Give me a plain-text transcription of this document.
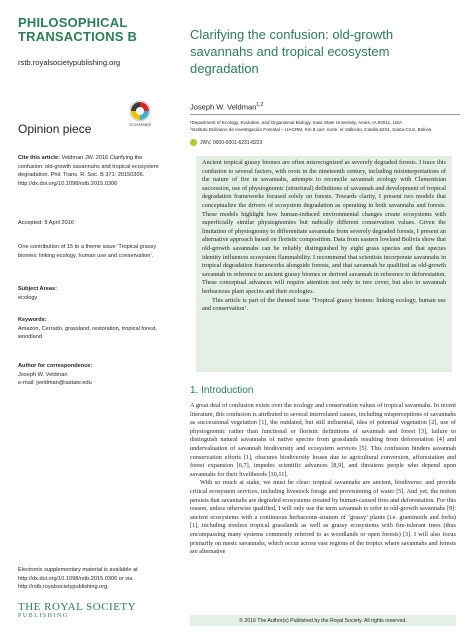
PHILOSOPHICAL
TRANSACTIONS B
rstb.royalsocietypublishing.org
CrossMark
Opinion piece
Cite this article: Veldman JW. 2016 Clarifying the confusion: old-growth savannahs and tropical ecosystem degradation. Phil. Trans. R. Soc. B 371: 20150306. http://dx.doi.org/10.1098/rstb.2015.0306
Accepted: 9 April 2016
One contribution of 15 to a theme issue ‘Tropical grassy biomes: linking ecology, human use and conservation’.
Subject Areas:
ecology
Keywords:
Amazon, Cerrado, grassland, restoration, tropical forest, woodland
Author for correspondence:
Joseph W. Veldman
e-mail: jveldman@iastate.edu
Electronic supplementary material is available at http://dx.doi.org/10.1098/rstb.2015.0306 or via http://rstb.royalsocietypublishing.org.
THE ROYAL SOCIETY
PUBLISHING
Clarifying the confusion: old-growth savannahs and tropical ecosystem degradation
Joseph W. Veldman$^{1,2}$
¹Department of Ecology, Evolution, and Organismal Biology, Iowa State University, Ames, IA 50011, USA
²Instituto Boliviano de Investigación Forestal – UAGRM, Km 9 carr. norte, el Vallecito, Casilla 6204, Santa Cruz, Bolivia
JWV, 0000-0001-6231-8223

Ancient tropical grassy biomes are often misrecognized as severely degraded forests. I trace this confusion to several factors, with roots in the nineteenth century, including misinterpretations of the nature of fire in savannahs, attempts to reconcile savannah ecology with Clementsian succession, use of physiognomic (structural) definitions of savannah and development of tropical degradation frameworks focused solely on forests. Towards clarity, I present two models that conceptualize the drivers of ecosystem degradation as operating in both savannahs and forests. These models highlight how human-induced environmental changes create ecosystems with superficially similar physiognomies but radically different conservation values. Given the limitation of physiognomy to differentiate savannahs from severely degraded forests, I present an alternative approach based on floristic composition. Data from eastern lowland Bolivia show that old-growth savannahs can be reliably distinguished by eight grass species and that species identity influences ecosystem flammability. I recommend that scientists incorporate savannahs in tropical degradation frameworks alongside forests, and that savannah be qualified as old-growth savannah in reference to ancient grassy biomes or derived savannah in reference to deforestation. These conceptual advances will require attention not only to tree cover, but also to savannah herbaceous plant species and their ecologies.

This article is part of the themed issue ‘Tropical grassy biomes: linking ecology, human use and conservation’.

1. Introduction

A great deal of confusion exists over the ecology and conservation values of tropical savannahs. In recent literature, this confusion is attributed to several interrelated causes, including misperceptions of savannahs as successional vegetation [1], the outdated, but still influential, idea of potential vegetation [2], use of physiognomic rather than functional or floristic definitions of savannah and forest [3], failure to distinguish natural savannahs of native species from grasslands resulting from deforestation [4] and undervaluation of savannah biodiversity and ecosystem services [5]. This confusion hinders savannah conservation efforts [1], obscures biodiversity losses due to agricultural conversion, afforestation and forest expansion [6,7], impedes scientific advances [8,9], and threatens people who depend upon savannahs for their livelihoods [10,11].

With so much at stake, we must be clear: tropical savannahs are ancient, biodiverse; and provide critical ecosystem services, including livestock forage and provisioning of water [5]. And yet, the notion persists that savannahs are degraded ecosystems created by human-caused fires and deforestation. For this reason, unless otherwise qualified, I will only use the term savannah to refer to old-growth savannahs [9]: ancient ecosystems with a continuous herbaceous-stratum of ‘grassy’ plants (i.e. graminoids and forbs) [1], including treeless tropical grasslands as well as grassy ecosystems with fire-tolerant trees (thus encompassing many systems commonly referred to as woodlands or open forests) [3]. I will also focus primarily on mesic savannahs, which occur across vast regions of the tropics where savannahs and forests are alternative

© 2016 The Author(s) Published by the Royal Society. All rights reserved.
